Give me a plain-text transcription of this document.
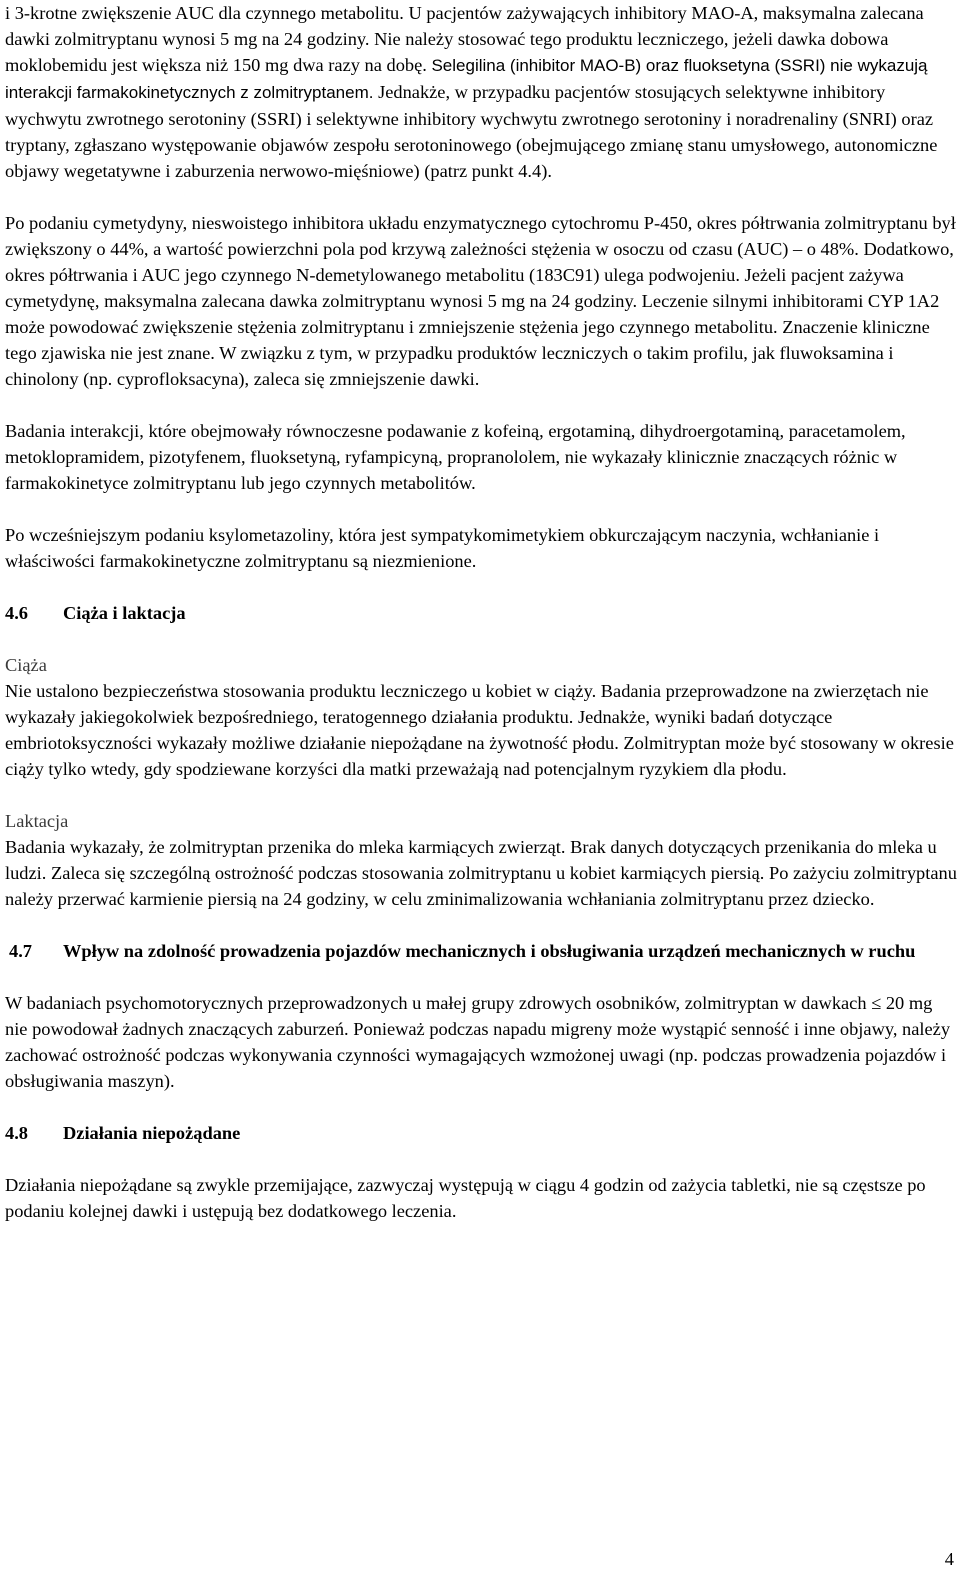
i 3-krotne zwiększenie AUC dla czynnego metabolitu. U pacjentów zażywających inhibitory MAO-A, maksymalna zalecana dawki zolmitryptanu wynosi 5 mg na 24 godziny. Nie należy stosować tego produktu leczniczego, jeżeli dawka dobowa moklobemidu jest większa niż 150 mg dwa razy na dobę. Selegilina (inhibitor MAO-B) oraz fluoksetyna (SSRI) nie wykazują interakcji farmakokinetycznych z zolmitryptanem. Jednakże, w przypadku pacjentów stosujących selektywne inhibitory wychwytu zwrotnego serotoniny (SSRI) i selektywne inhibitory wychwytu zwrotnego serotoniny i noradrenaliny (SNRI) oraz tryptany, zgłaszano występowanie objawów zespołu serotoninowego (obejmującego zmianę stanu umysłowego, autonomiczne objawy wegetatywne i zaburzenia nerwowo-mięśniowe) (patrz punkt 4.4).

Po podaniu cymetydyny, nieswoistego inhibitora układu enzymatycznego cytochromu P-450, okres półtrwania zolmitryptanu był zwiększony o 44%, a wartość powierzchni pola pod krzywą zależności stężenia w osoczu od czasu (AUC) – o 48%. Dodatkowo, okres półtrwania i AUC jego czynnego N-demetylowanego metabolitu (183C91) ulega podwojeniu. Jeżeli pacjent zażywa cymetydynę, maksymalna zalecana dawka zolmitryptanu wynosi 5 mg na 24 godziny. Leczenie silnymi inhibitorami CYP 1A2 może powodować zwiększenie stężenia zolmitryptanu i zmniejszenie stężenia jego czynnego metabolitu. Znaczenie kliniczne tego zjawiska nie jest znane. W związku z tym, w przypadku produktów leczniczych o takim profilu, jak fluwoksamina i chinolony (np. cyprofloksacyna), zaleca się zmniejszenie dawki.

Badania interakcji, które obejmowały równoczesne podawanie z kofeiną, ergotaminą, dihydroergotaminą, paracetamolem, metoklopramidem, pizotyfenem, fluoksetyną, ryfampicyną, propranololem, nie wykazały klinicznie znaczących różnic w farmakokinetyce zolmitryptanu lub jego czynnych metabolitów.

Po wcześniejszym podaniu ksylometazoliny, która jest sympatykomimetykiem obkurczającym naczynia, wchłanianie i właściwości farmakokinetyczne zolmitryptanu są niezmienione.

4.6 Ciąża i laktacja

Ciąża

Nie ustalono bezpieczeństwa stosowania produktu leczniczego u kobiet w ciąży. Badania przeprowadzone na zwierzętach nie wykazały jakiegokolwiek bezpośredniego, teratogennego działania produktu. Jednakże, wyniki badań dotyczące embriotoksyczności wykazały możliwe działanie niepożądane na żywotność płodu. Zolmitryptan może być stosowany w okresie ciąży tylko wtedy, gdy spodziewane korzyści dla matki przeważają nad potencjalnym ryzykiem dla płodu.

Laktacja

Badania wykazały, że zolmitryptan przenika do mleka karmiących zwierząt. Brak danych dotyczących przenikania do mleka u ludzi. Zaleca się szczególną ostrożność podczas stosowania zolmitryptanu u kobiet karmiących piersią. Po zażyciu zolmitryptanu należy przerwać karmienie piersią na 24 godziny, w celu zminimalizowania wchłaniania zolmitryptanu przez dziecko.

4.7	Wpływ na zdolność prowadzenia pojazdów mechanicznych i obsługiwania urządzeń mechanicznych w ruchu

W badaniach psychomotorycznych przeprowadzonych u małej grupy zdrowych osobników, zolmitryptan w dawkach ≤ 20 mg nie powodował żadnych znaczących zaburzeń. Ponieważ podczas napadu migreny może wystąpić senność i inne objawy, należy zachować ostrożność podczas wykonywania czynności wymagających wzmożonej uwagi (np. podczas prowadzenia pojazdów i obsługiwania maszyn).

4.8 Działania niepożądane

Działania niepożądane są zwykle przemijające, zazwyczaj występują w ciągu 4 godzin od zażycia tabletki, nie są częstsze po podaniu kolejnej dawki i ustępują bez dodatkowego leczenia.

4
